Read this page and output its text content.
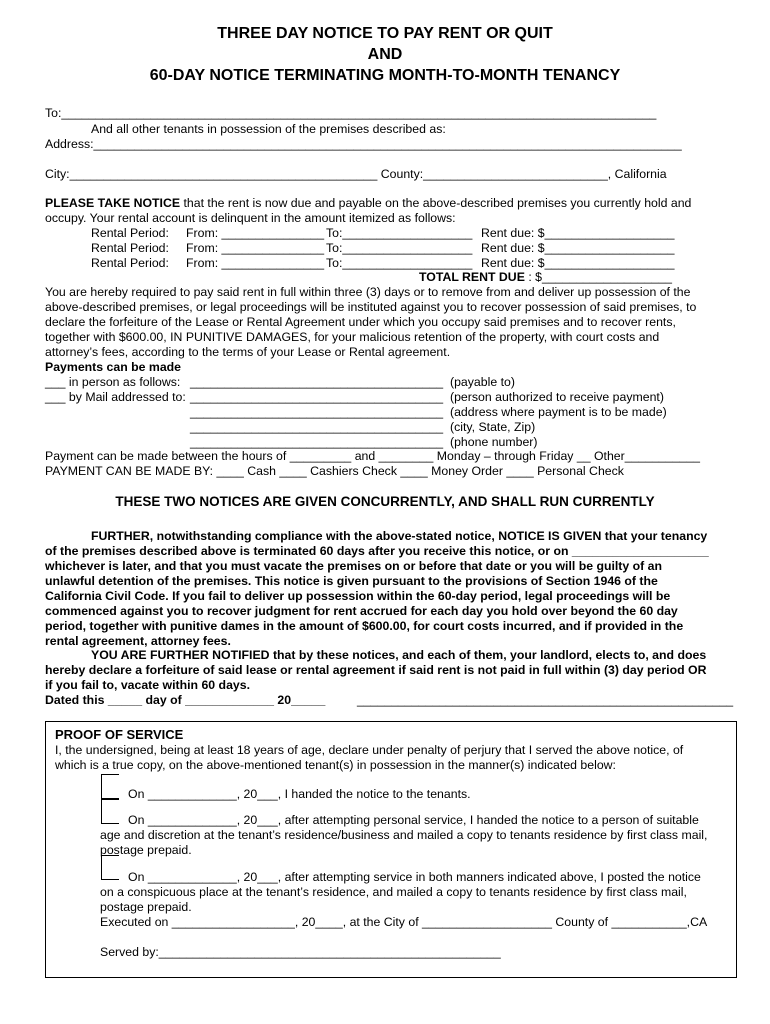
THREE DAY NOTICE TO PAY RENT OR QUIT
AND
60-DAY NOTICE TERMINATING MONTH-TO-MONTH TENANCY
To:_______________________________________________________________________________________
And all other tenants in possession of the premises described as:
Address:______________________________________________________________________________________
City:_____________________________________________ County:___________________________, California
PLEASE TAKE NOTICE that the rent is now due and payable on the above-described premises you currently hold and
occupy. Your rental account is delinquent in the amount itemized as follows:
Rental Period: From: _______________ To:___________________ Rent due: $___________________
Rental Period: From: _______________ To:___________________ Rent due: $___________________
Rental Period: From: _______________ To:___________________ Rent due: $___________________
TOTAL RENT DUE : $___________________
You are hereby required to pay said rent in full within three (3) days or to remove from and deliver up possession of the
above-described premises, or legal proceedings will be instituted against you to recover possession of said premises, to
declare the forfeiture of the Lease or Rental Agreement under which you occupy said premises and to recover rents,
together with $600.00, IN PUNITIVE DAMAGES, for your malicious retention of the property, with court costs and
attorney’s fees, according to the terms of your Lease or Rental agreement.
Payments can be made
___ in person as follows:
___ by Mail addressed to:
_____________________________________
_____________________________________
_____________________________________
_____________________________________
_____________________________________
(payable to)
(person authorized to receive payment)
(address where payment is to be made)
(city, State, Zip)
(phone number)
Payment can be made between the hours of _________ and ________ Monday – through Friday __ Other___________
PAYMENT CAN BE MADE BY: ____ Cash ____ Cashiers Check ____ Money Order ____ Personal Check
THESE TWO NOTICES ARE GIVEN CONCURRENTLY, AND SHALL RUN CURRENTLY
FURTHER, notwithstanding compliance with the above-stated notice, NOTICE IS GIVEN that your tenancy
of the premises described above is terminated 60 days after you receive this notice, or on ____________________
whichever is later, and that you must vacate the premises on or before that date or you will be guilty of an
unlawful detention of the premises. This notice is given pursuant to the provisions of Section 1946 of the
California Civil Code. If you fail to deliver up possession within the 60-day period, legal proceedings will be
commenced against you to recover judgment for rent accrued for each day you hold over beyond the 60 day
period, together with punitive dames in the amount of $600.00, for court costs incurred, and if provided in the
rental agreement, attorney fees.
YOU ARE FURTHER NOTIFIED that by these notices, and each of them, your landlord, elects to, and does
hereby declare a forfeiture of said lease or rental agreement if said rent is not paid in full within (3) day period OR
if you fail to, vacate within 60 days.
Dated this _____ day of _____________ 20_____	_______________________________________________________
PROOF OF SERVICE
I, the undersigned, being at least 18 years of age, declare under penalty of perjury that I served the above notice, of
which is a true copy, on the above-mentioned tenant(s) in possession in the manner(s) indicated below:
On _____________, 20___, I handed the notice to the tenants.
On _____________, 20___, after attempting personal service, I handed the notice to a person of suitable
age and discretion at the tenant’s residence/business and mailed a copy to tenants residence by first class mail,
postage prepaid.
On _____________, 20___, after attempting service in both manners indicated above, I posted the notice
on a conspicuous place at the tenant’s residence, and mailed a copy to tenants residence by first class mail,
postage prepaid.
Executed on __________________, 20____, at the City of ___________________ County of ___________,CA
Served by:__________________________________________________
